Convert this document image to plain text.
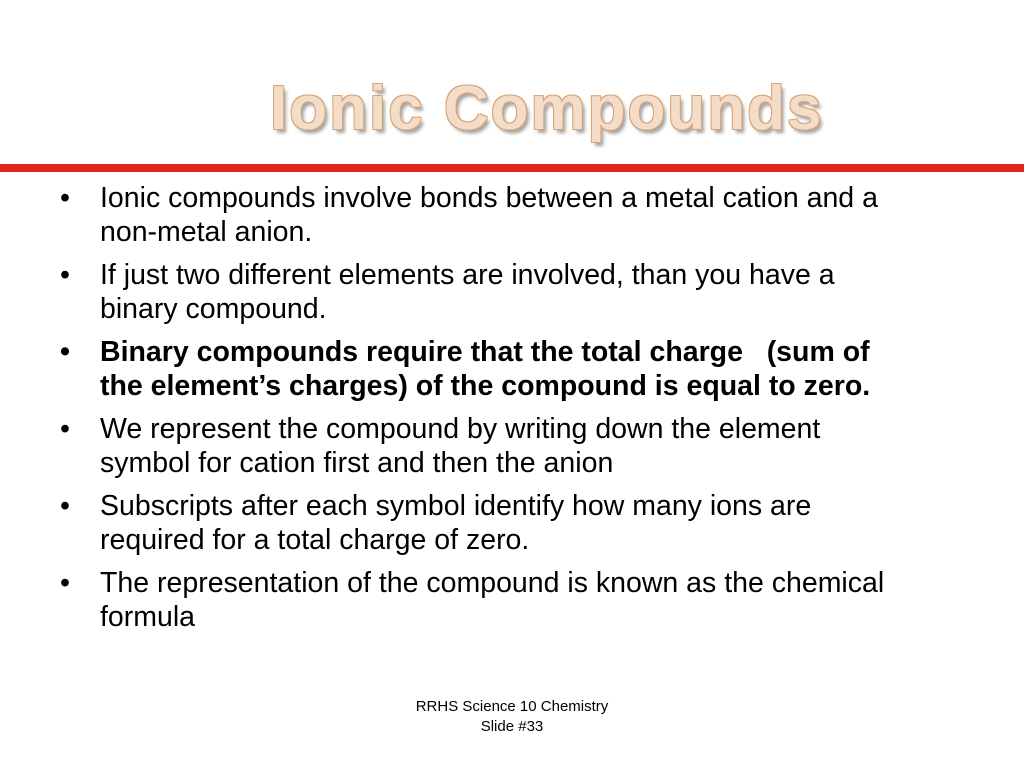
Ionic Compounds
• Ionic compounds involve bonds between a metal cation and a non-metal anion.
• If just two different elements are involved, than you have a binary compound.
• Binary compounds require that the total charge   (sum of the element’s charges) of the compound is equal to zero.
• We represent the compound by writing down the element symbol for cation first and then the anion
• Subscripts after each symbol identify how many ions are required for a total charge of zero.
• The representation of the compound is known as the chemical formula
RRHS Science 10 Chemistry
Slide #33
